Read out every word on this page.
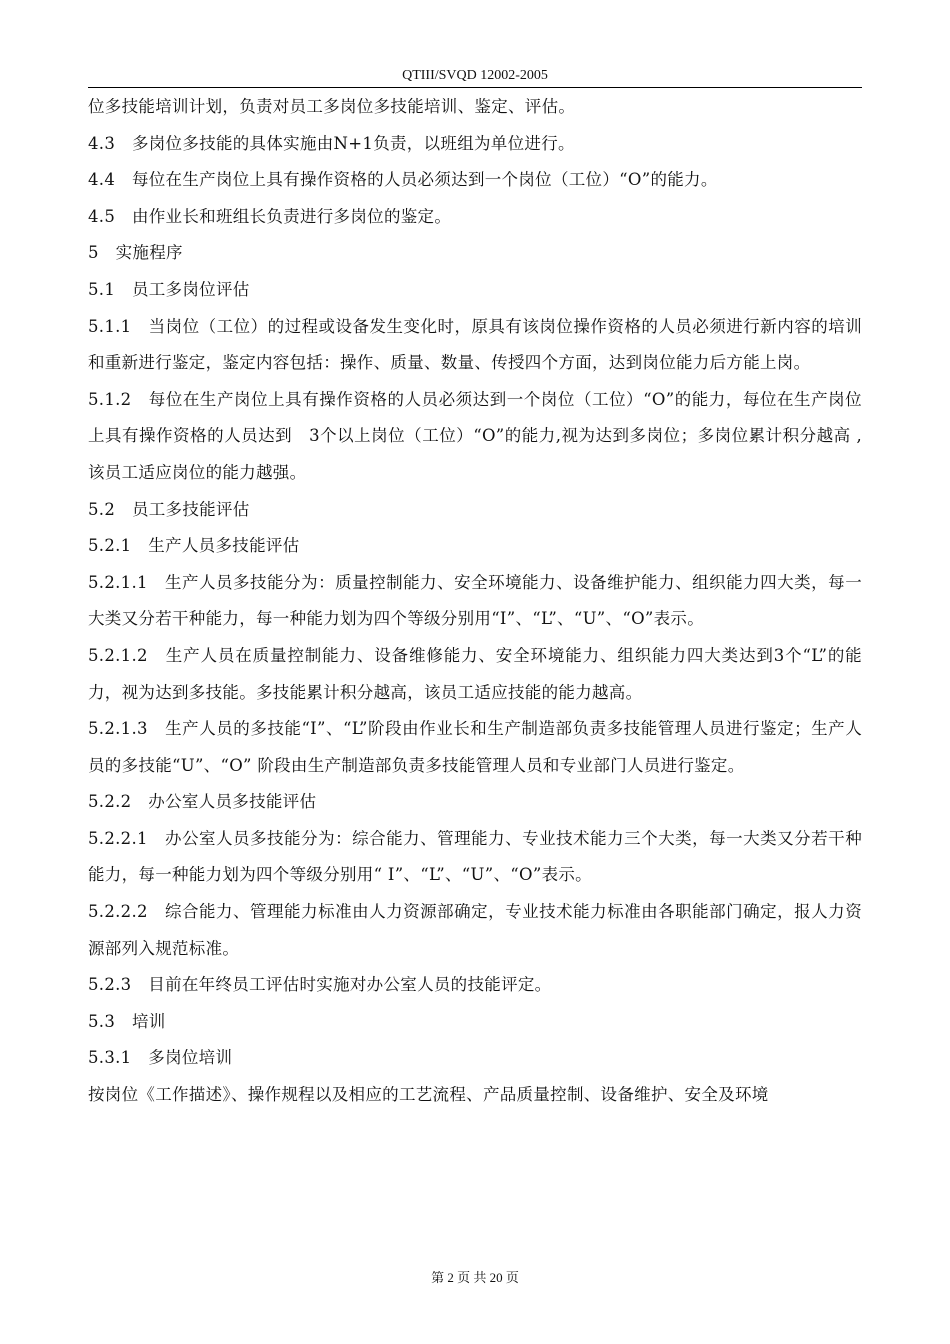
QTIII/SVQD 12002-2005

位多技能培训计划，负责对员工多岗位多技能培训、鉴定、评估。

4.3　多岗位多技能的具体实施由N+1负责，以班组为单位进行。

4.4　每位在生产岗位上具有操作资格的人员必须达到一个岗位（工位）“O”的能力。

4.5　由作业长和班组长负责进行多岗位的鉴定。

5　实施程序

5.1　员工多岗位评估

5.1.1　当岗位（工位）的过程或设备发生变化时，原具有该岗位操作资格的人员必须进行新内容的培训和重新进行鉴定，鉴定内容包括：操作、质量、数量、传授四个方面，达到岗位能力后方能上岗。

5.1.2　每位在生产岗位上具有操作资格的人员必须达到一个岗位（工位）“O”的能力，每位在生产岗位上具有操作资格的人员达到　3个以上岗位（工位）“O”的能力,视为达到多岗位；多岗位累计积分越高 ,该员工适应岗位的能力越强。

5.2　员工多技能评估

5.2.1　生产人员多技能评估

5.2.1.1　生产人员多技能分为：质量控制能力、安全环境能力、设备维护能力、组织能力四大类，每一大类又分若干种能力，每一种能力划为四个等级分别用“I”、“L”、“U”、“O”表示。

5.2.1.2　生产人员在质量控制能力、设备维修能力、安全环境能力、组织能力四大类达到3个“L”的能力，视为达到多技能。多技能累计积分越高，该员工适应技能的能力越高。

5.2.1.3　生产人员的多技能“I”、“L”阶段由作业长和生产制造部负责多技能管理人员进行鉴定；生产人员的多技能“U”、“O” 阶段由生产制造部负责多技能管理人员和专业部门人员进行鉴定。

5.2.2　办公室人员多技能评估

5.2.2.1　办公室人员多技能分为：综合能力、管理能力、专业技术能力三个大类，每一大类又分若干种能力，每一种能力划为四个等级分别用“ I”、“L”、“U”、“O”表示。

5.2.2.2　综合能力、管理能力标准由人力资源部确定，专业技术能力标准由各职能部门确定，报人力资源部列入规范标准。

5.2.3　目前在年终员工评估时实施对办公室人员的技能评定。

5.3　培训

5.3.1　多岗位培训

按岗位《工作描述》、操作规程以及相应的工艺流程、产品质量控制、设备维护、安全及环境

第 2 页 共 20 页
